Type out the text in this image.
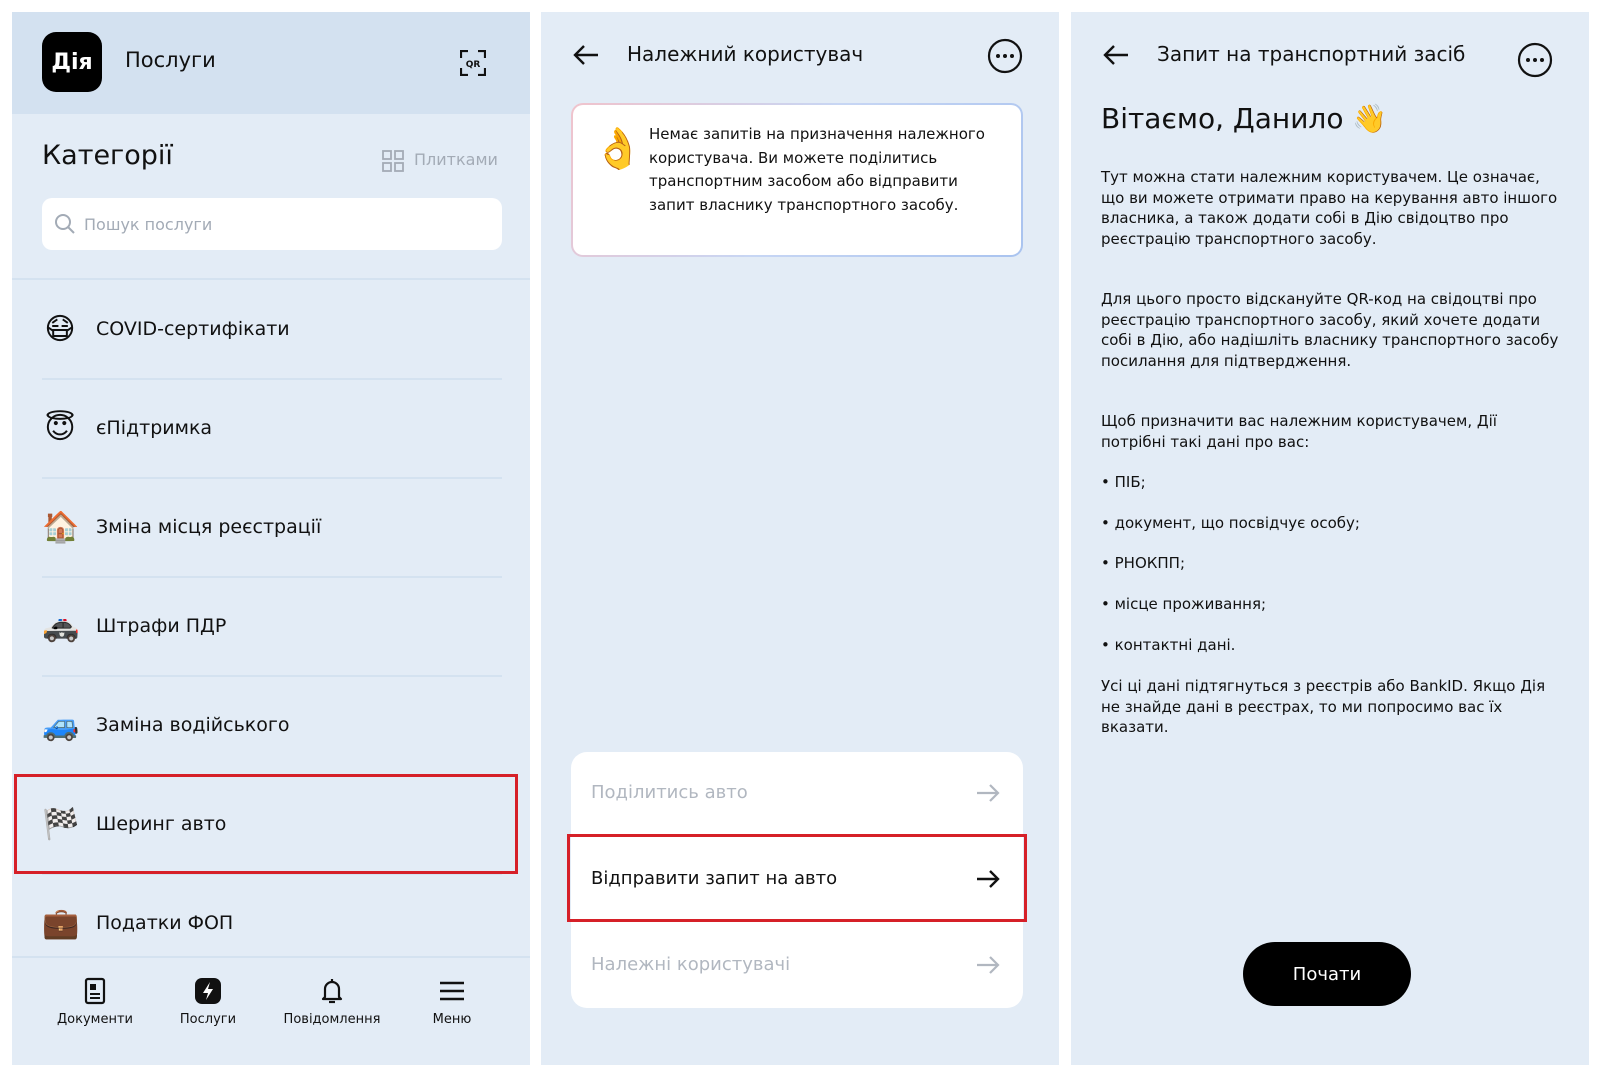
Дія	Послуги	QR
Категорії	Плитками
Пошук послуги
😷 COVID-сертифікати
😇 єПідтримка
🏠 Зміна місця реєстрації
🚓 Штрафи ПДР
🚙 Заміна водійського
🏁 Шеринг авто
💼 Податки ФОП
Документи	Послуги	Повідомлення	Меню
Належний користувач
👌 Немає запитів на призначення належного користувача. Ви можете поділитись транспортним засобом або відправити запит власнику транспортного засобу.
Поділитись авто
Відправити запит на авто
Належні користувачі
Запит на транспортний засіб
Вітаємо, Данило 👋
Тут можна стати належним користувачем. Це означає, що ви можете отримати право на керування авто іншого власника, а також додати собі в Дію свідоцтво про реєстрацію транспортного засобу.
Для цього просто відскануйте QR-код на свідоцтві про реєстрацію транспортного засобу, який хочете додати собі в Дію, або надішліть власнику транспортного засобу посилання для підтвердження.
Щоб призначити вас належним користувачем, Дії потрібні такі дані про вас:
• ПІБ;
• документ, що посвідчує особу;
• РНОКПП;
• місце проживання;
• контактні дані.
Усі ці дані підтягнуться з реєстрів або BankID. Якщо Дія не знайде дані в реєстрах, то ми попросимо вас їх вказати.
Почати
